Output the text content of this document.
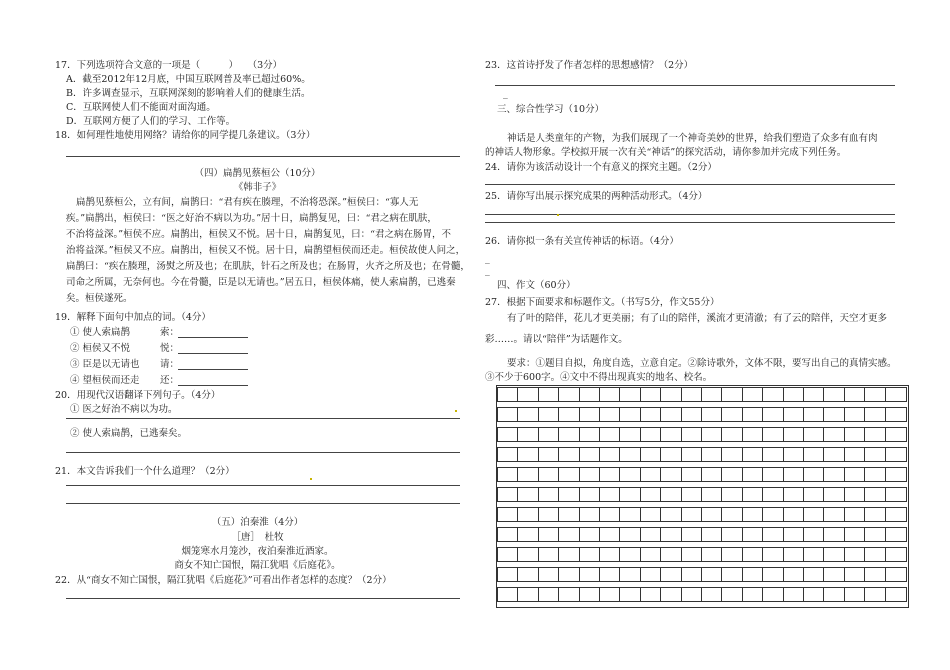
17．下列选项符合文意的一项是（　　　）　　（3分）
A．截至2012年12月底，中国互联网普及率已超过60%。
B．许多调查显示，互联网深刻的影响着人们的健康生活。
C．互联网使人们不能面对面沟通。
D．互联网方便了人们的学习、工作等。
18．如何理性地使用网络？请给你的同学提几条建议。（3分）
（四）扁鹊见蔡桓公（10分）
《韩非子》
扁鹊见蔡桓公，立有间，扁鹊曰：“君有疾在腠理，不治将恐深。”桓侯曰：“寡人无
疾。”扁鹊出，桓侯曰：“医之好治不病以为功。”居十日，扁鹊复见，曰：“君之病在肌肤，
不治将益深。”桓侯不应。扁鹊出，桓侯又不悦。居十日，扁鹊复见，曰：“君之病在肠胃，不
治将益深。”桓侯又不应。扁鹊出，桓侯又不悦。居十日，扁鹊望桓侯而还走。桓侯故使人问之，
扁鹊曰：“疾在腠理，汤熨之所及也；在肌肤，针石之所及也；在肠胃，火齐之所及也；在骨髓，
司命之所属，无奈何也。今在骨髓，臣是以无请也。”居五日，桓侯体痛，使人索扁鹊，已逃秦
矣。桓侯遂死。
19．解释下面句中加点的词。（4分）
① 使人索扁鹊	索：
② 桓侯又不悦	悦：
③ 臣是以无请也 请：
④ 望桓侯而还走 还：
20．用现代汉语翻译下列句子。（4分）
① 医之好治不病以为功。
② 使人索扁鹊，已逃秦矣。
21．本文告诉我们一个什么道理？（2分）
（五）泊秦淮（4分）
［唐］　杜牧
烟笼寒水月笼沙，夜泊秦淮近酒家。
商女不知亡国恨，隔江犹唱《后庭花》。
22．从“商女不知亡国恨，隔江犹唱《后庭花》”可看出作者怎样的态度？（2分）
23．这首诗抒发了作者怎样的思想感情？（2分）
_
三、综合性学习（10分）
神话是人类童年的产物，为我们展现了一个神奇美妙的世界，给我们塑造了众多有血有肉
的神话人物形象。学校拟开展一次有关“神话”的探究活动，请你参加并完成下列任务。
24．请你为该活动设计一个有意义的探究主题。（2分）
25．请你写出展示探究成果的两种活动形式。（4分）
26．请你拟一条有关宣传神话的标语。（4分）
_
_
四、作文（60分）
27．根据下面要求和标题作文。（书写5分，作文55分）
有了叶的陪伴，花儿才更美丽；有了山的陪伴，溪流才更清澈；有了云的陪伴，天空才更多
彩……。请以“陪伴”为话题作文。
要求：①题目自拟，角度自选，立意自定。②除诗歌外，文体不限，要写出自己的真情实感。
③不少于600字。④文中不得出现真实的地名、校名。
